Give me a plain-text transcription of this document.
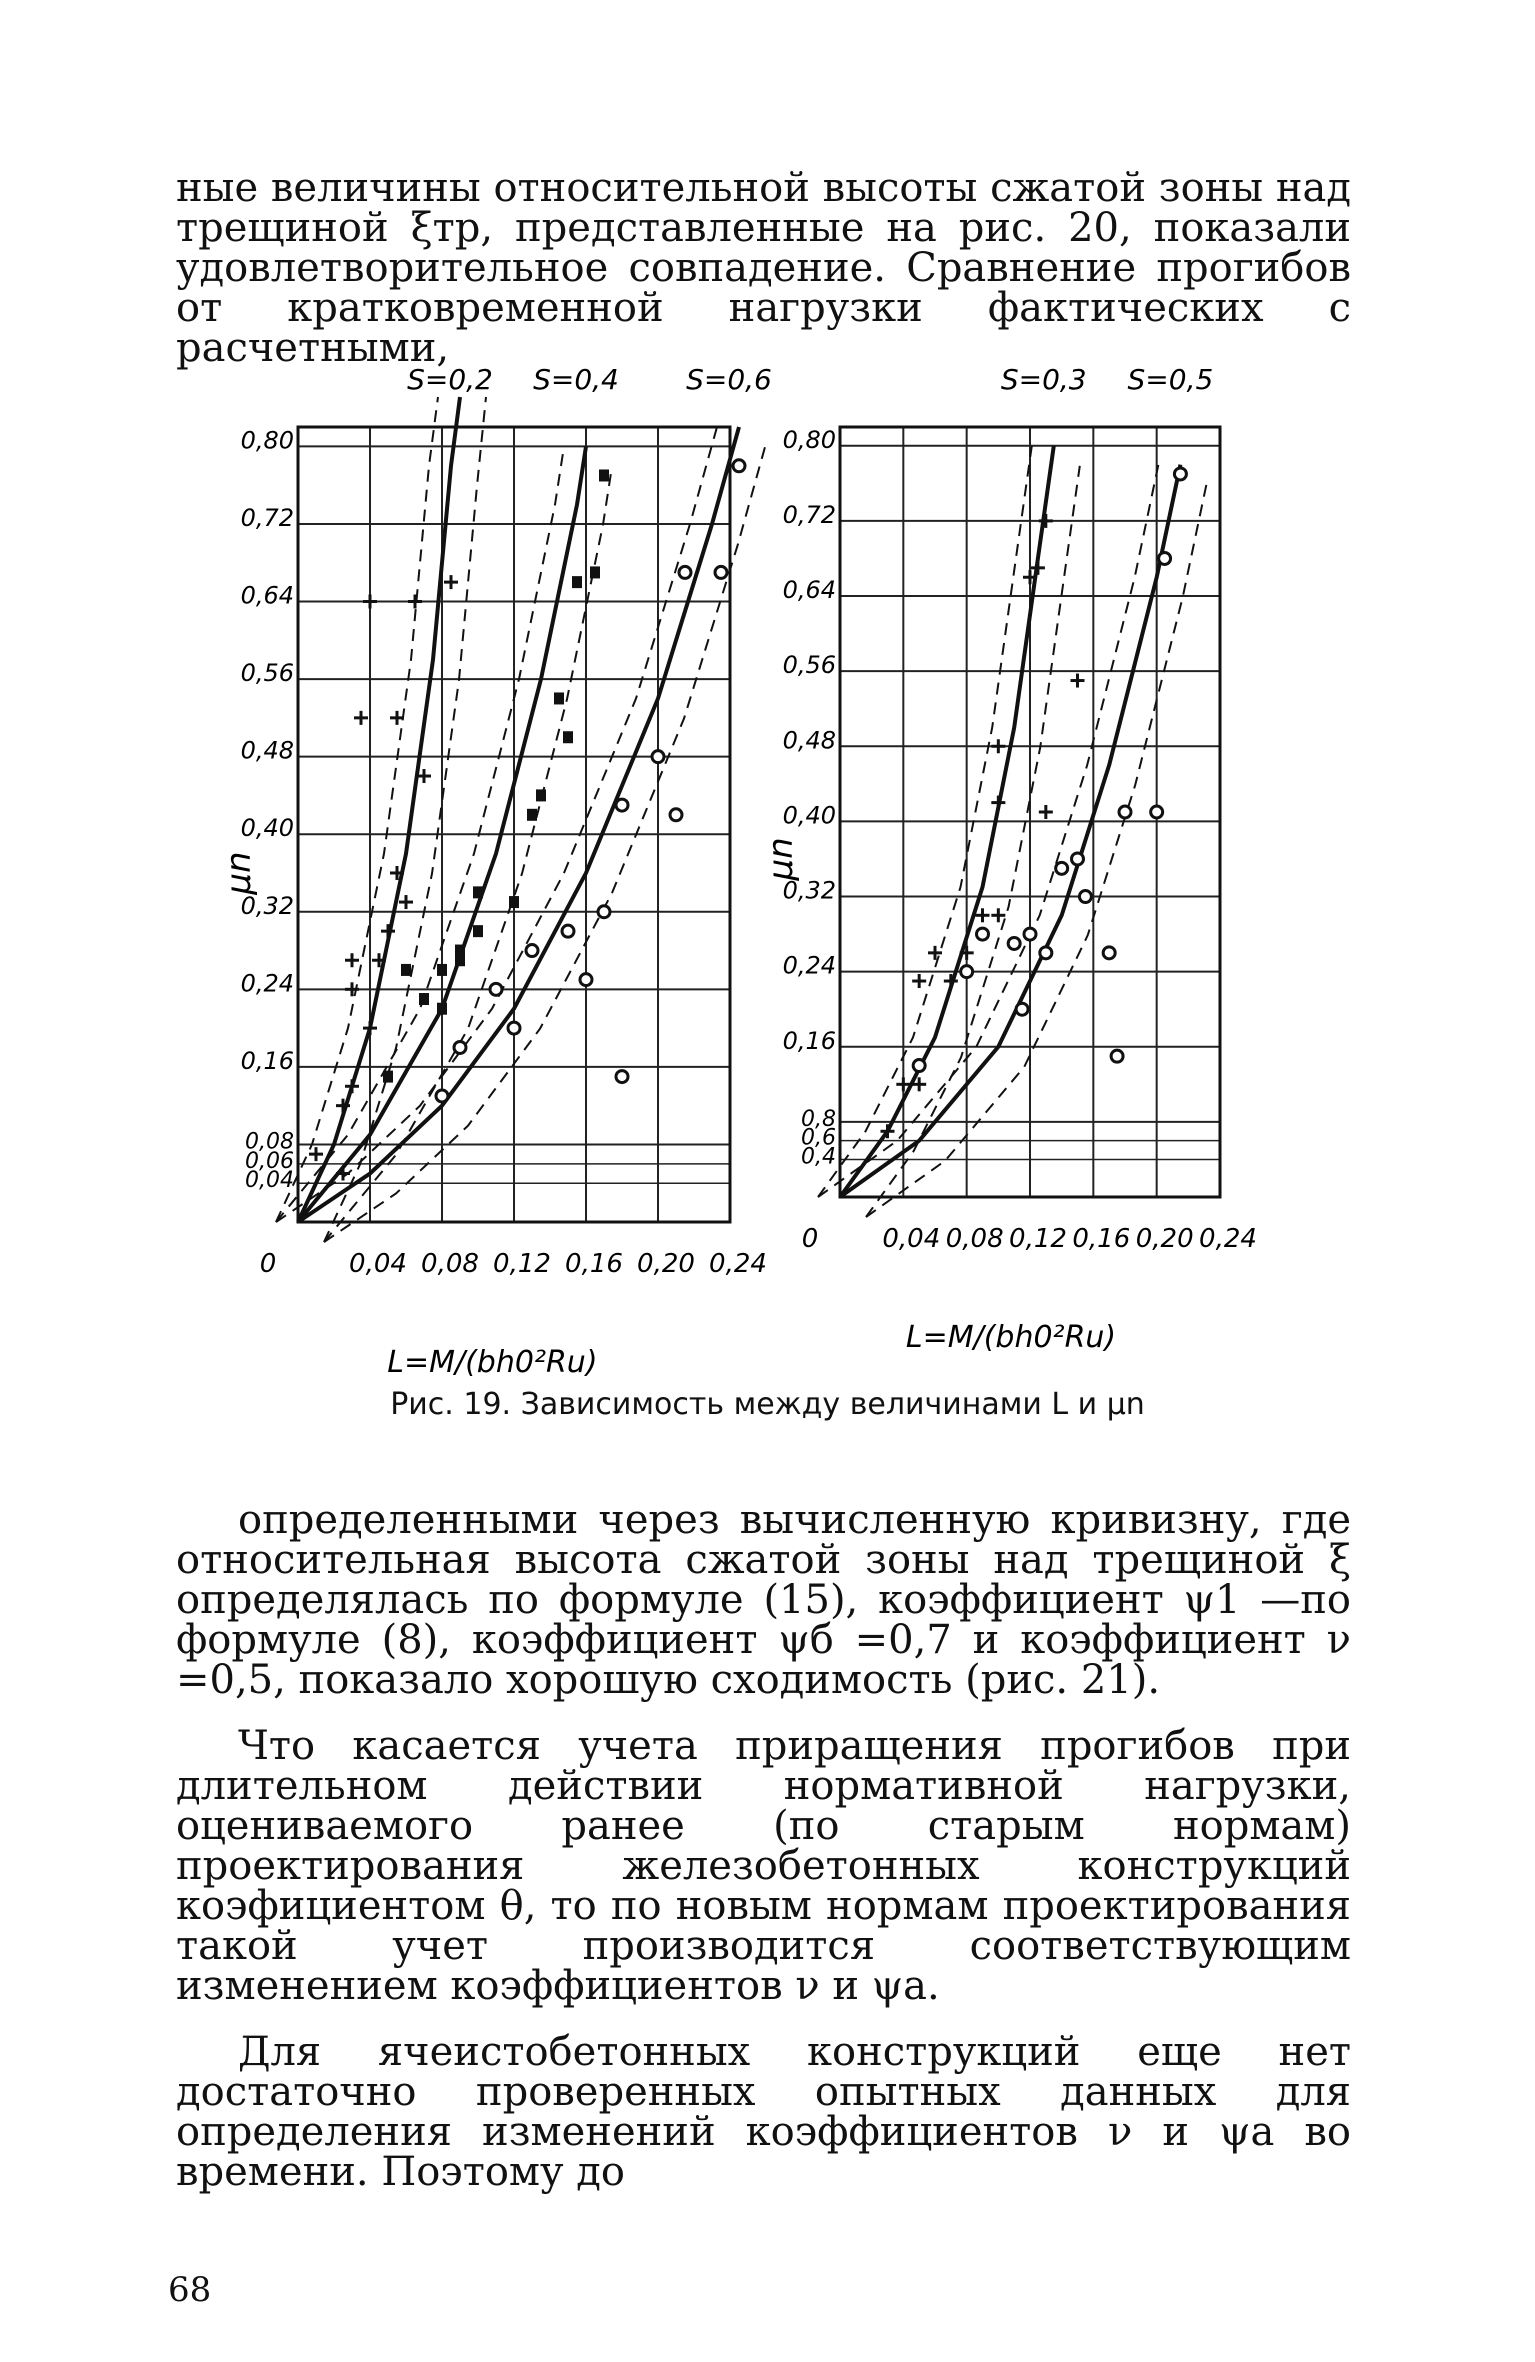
ные величины относительной высоты сжатой зоны над трещиной ξтр, представленные на рис. 20, показали удовлетворительное совпадение. Сравнение прогибов от кратковременной нагрузки фактических с расчетными,

0	0,04 0,08 0,12 0,16 0,20 0,24
0,80
0,72
0,64
0,56
0,48
0,40
0,32
0,24
0,16
0,08
0,06
0,04
μn
S=0,2 S=0,4 S=0,6
L=M/(bh0²Ru)
0 0,04 0,08 0,12 0,16 0,20 0,24
0,80
0,72
0,64
0,56
0,48
0,40
0,32
0,24
0,16
0,8
0,6
0,4
μn
S=0,3 S=0,5
L=M/(bh0²Ru)
Рис. 19. Зависимость между величинами L и μn

определенными через вычисленную кривизну, где относительная высота сжатой зоны над трещиной ξ определялась по формуле (15), коэффициент ψ1 —по формуле (8), коэффициент ψб =0,7 и коэффициент ν =0,5, показало хорошую сходимость (рис. 21).

Что касается учета приращения прогибов при длительном действии нормативной нагрузки, оцениваемого ранее (по старым нормам) проектирования железобетонных конструкций коэфициентом θ, то по новым нормам проектирования такой учет производится соответствующим изменением коэффициентов ν и ψа.

Для ячеистобетонных конструкций еще нет достаточно проверенных опытных данных для определения изменений коэффициентов ν и ψа во времени. Поэтому до

68
